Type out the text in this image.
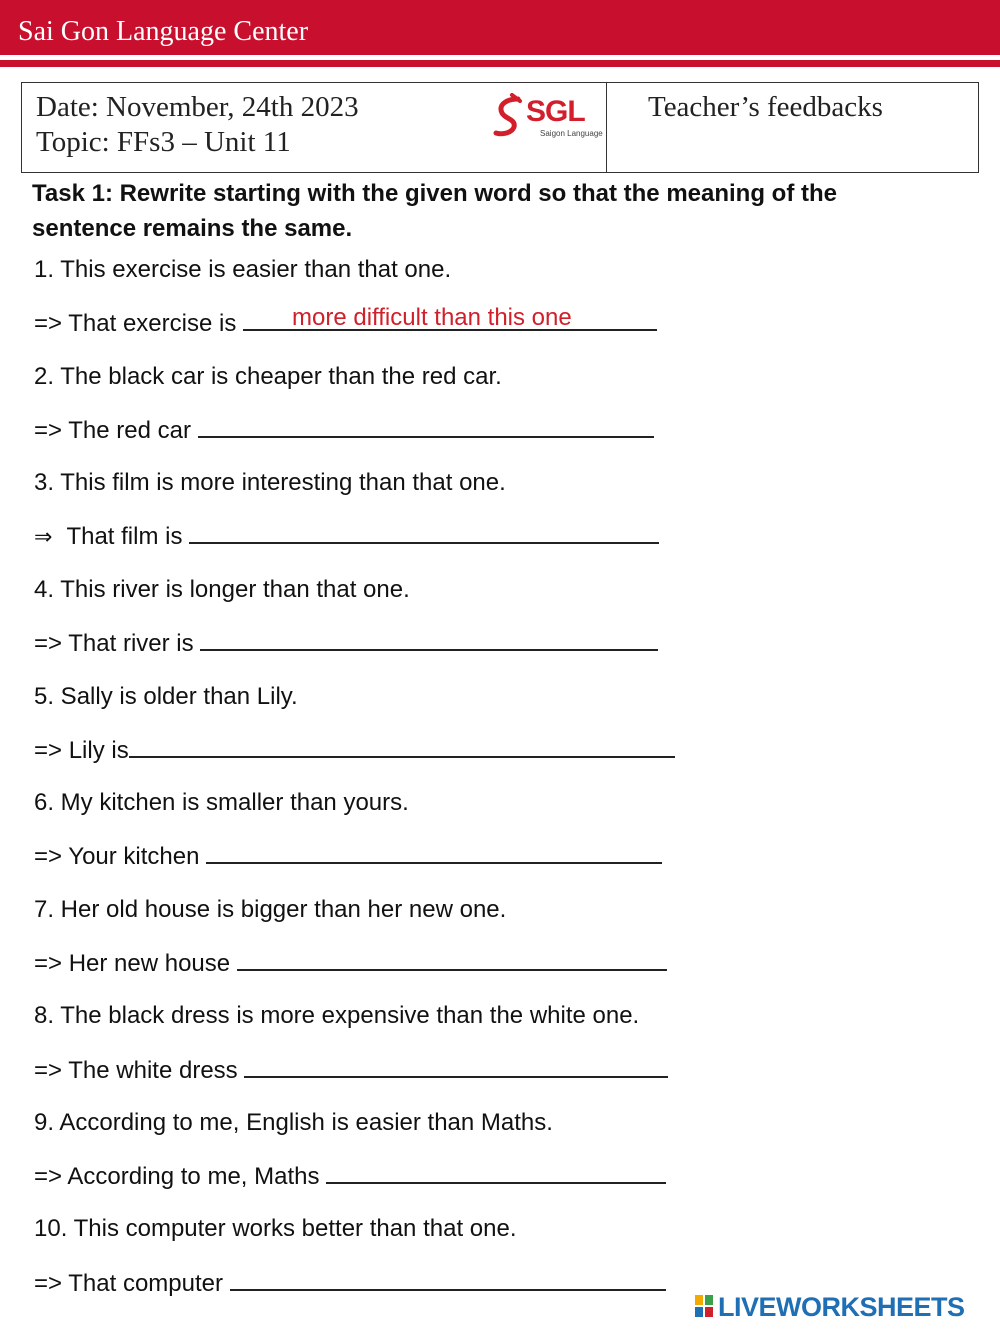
Sai Gon Language Center
Date: November, 24th 2023
Topic: FFs3 – Unit 11
SGL
Saigon Language
Teacher’s feedbacks
Task 1: Rewrite starting with the given word so that the meaning of the sentence remains the same.
1. This exercise is easier than that one.
=> That exercise is	more difficult than this one
2. The black car is cheaper than the red car.
=> The red car
3. This film is more interesting than that one.
⇒ That film is
4. This river is longer than that one.
=> That river is
5. Sally is older than Lily.
=> Lily is
6. My kitchen is smaller than yours.
=> Your kitchen
7. Her old house is bigger than her new one.
=> Her new house
8. The black dress is more expensive than the white one.
=> The white dress
9. According to me, English is easier than Maths.
=> According to me, Maths
10. This computer works better than that one.
=> That computer
LIVEWORKSHEETS
